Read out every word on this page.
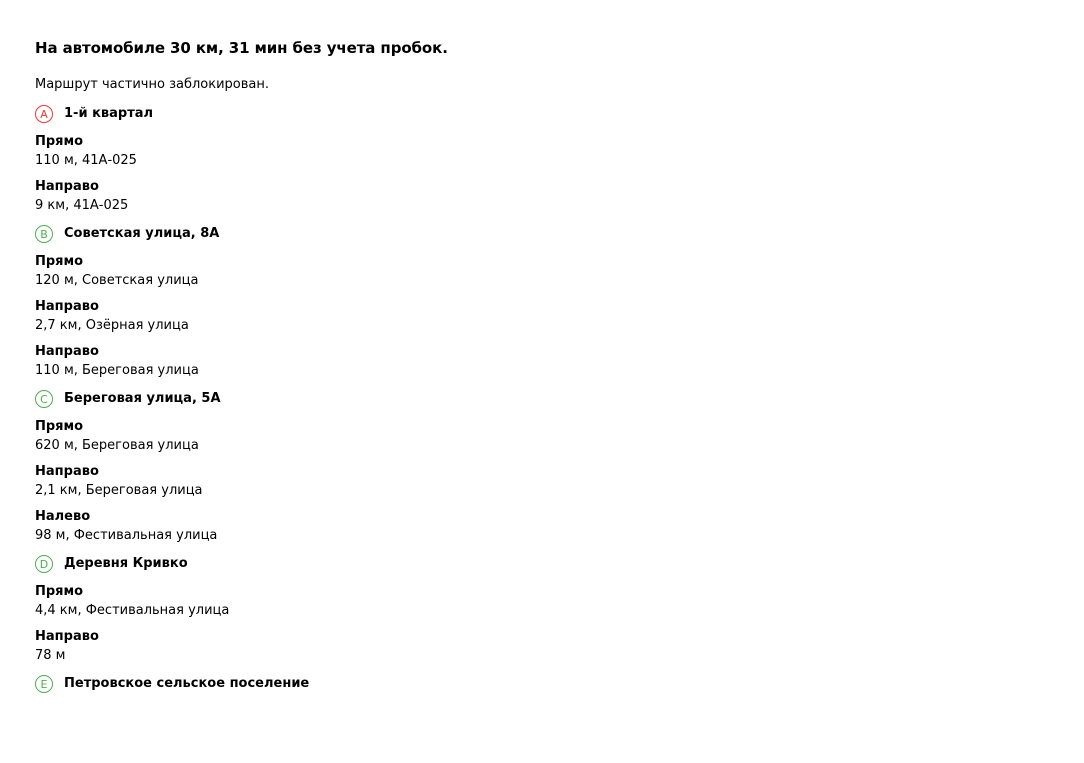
На автомобиле 30 км, 31 мин без учета пробок.
Маршрут частично заблокирован.
A	1-й квартал
Прямо
110 м, 41А-025
Направо
9 км, 41А-025
B	Советская улица, 8А
Прямо
120 м, Советская улица
Направо
2,7 км, Озёрная улица
Направо
110 м, Береговая улица
C	Береговая улица, 5А
Прямо
620 м, Береговая улица
Направо
2,1 км, Береговая улица
Налево
98 м, Фестивальная улица
D	Деревня Кривко
Прямо
4,4 км, Фестивальная улица
Направо
78 м
E	Петровское сельское поселение
